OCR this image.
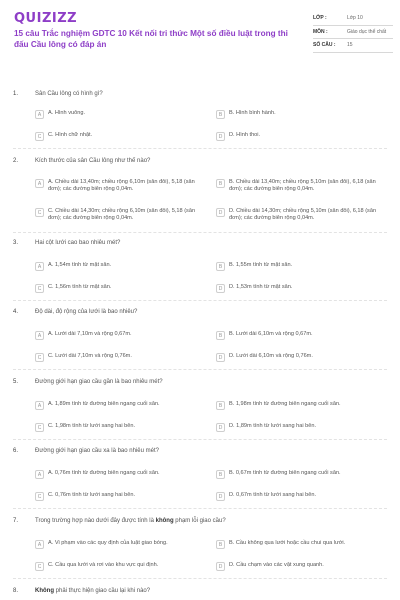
QUIZIZZ
15 câu Trắc nghiệm GDTC 10 Kết nối tri thức Một số điều luật trong thi đấu Cầu lông có đáp án
LỚP :	Lớp 10
MÔN :	Giáo dục thể chất
SỐ CÂU :	15
1.	Sân Cầu lông có hình gì?
A	A. Hình vuông.	B	B. Hình bình hành.
C	C. Hình chữ nhật.	D	D. Hình thoi.
2.	Kích thước của sân Cầu lông như thế nào?
A	A. Chiều dài 13,40m; chiều rộng 6,10m (sân đôi), 5,18 (sân đơn); các đường biên rộng 0,04m.
B	B. Chiều dài 13,40m; chiều rộng 5,10m (sân đôi), 6,18 (sân đơn); các đường biên rộng 0,04m.
C	C. Chiều dài 14,30m; chiều rộng 6,10m (sân đôi), 5,18 (sân đơn); các đường biên rộng 0,04m.
D	D. Chiều dài 14,30m; chiều rộng 5,10m (sân đôi), 6,18 (sân đơn); các đường biên rộng 0,04m.
3.	Hai cột lưới cao bao nhiêu mét?
A	A. 1,54m tính từ mặt sân.	B	B. 1,55m tính từ mặt sân.
C	C. 1,56m tính từ mặt sân.	D	D. 1,53m tính từ mặt sân.
4.	Độ dài, độ rộng của lưới là bao nhiêu?
A	A. Lưới dài 7,10m và rộng 0,67m.	B	B. Lưới dài 6,10m và rộng 0,67m.
C	C. Lưới dài 7,10m và rộng 0,76m.	D	D. Lưới dài 6,10m và rộng 0,76m.
5.	Đường giới hạn giao cầu gần là bao nhiêu mét?
A	A. 1,89m tính từ đường biên ngang cuối sân.	B	B. 1,98m tính từ đường biên ngang cuối sân.
C	C. 1,98m tính từ lưới sang hai bên.	D	D. 1,89m tính từ lưới sang hai bên.
6.	Đường giới hạn giao cầu xa là bao nhiêu mét?
A	A. 0,76m tính từ đường biên ngang cuối sân.	B	B. 0,67m tính từ đường biên ngang cuối sân.
C	C. 0,76m tính từ lưới sang hai bên.	D	D. 0,67m tính từ lưới sang hai bên.
7.	Trong trường hợp nào dưới đây được tính là không phạm lỗi giao cầu?
A	A. Vi phạm vào các quy định của luật giao bóng.	B	B. Cầu không qua lưới hoặc cầu chui qua lưới.
C	C. Cầu qua lưới và rơi vào khu vực qui định.	D	D. Cầu chạm vào các vật xung quanh.
8.	Không phải thực hiện giao cầu lại khi nào?
